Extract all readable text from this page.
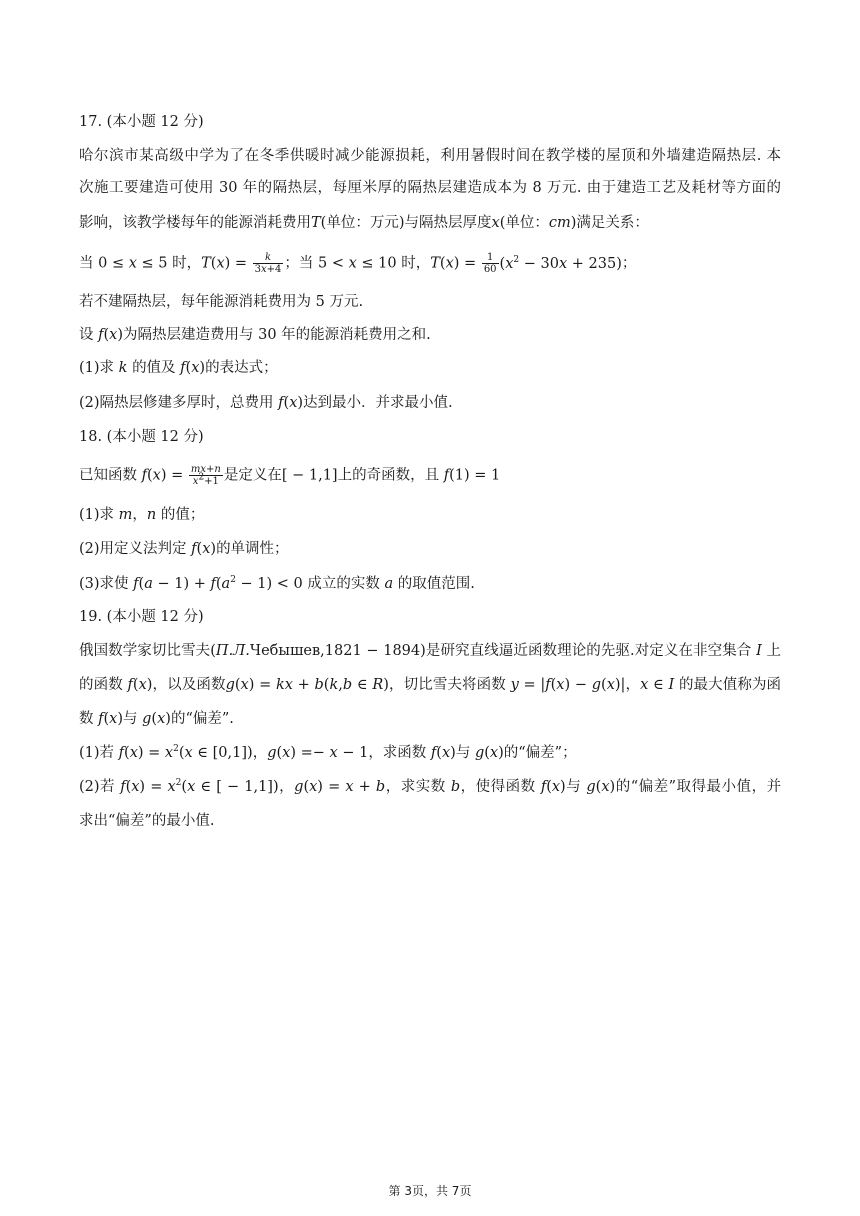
17. (本小题 12 分)
哈尔滨市某高级中学为了在冬季供暖时减少能源损耗，利用暑假时间在教学楼的屋顶和外墙建造隔热层. 本
次施工要建造可使用 30 年的隔热层，每厘米厚的隔热层建造成本为 8 万元. 由于建造工艺及耗材等方面的
影响，该教学楼每年的能源消耗费用T(单位：万元)与隔热层厚度x(单位：cm)满足关系：
当 0 ≤ x ≤ 5 时，$T(x) = \frac{k}{3x+4}$ ；当 5 < x ≤ 10 时，$T(x) = \frac{1}{60} (x^2 - 30x + 235)$；
若不建隔热层，每年能源消耗费用为 5 万元.
设 f(x)为隔热层建造费用与 30 年的能源消耗费用之和.
(1)求 k 的值及 f(x)的表达式；
(2)隔热层修建多厚时，总费用 f(x)达到最小．并求最小值.
18. (本小题 12 分)
已知函数 $f(x) = \frac{mx+n}{x^2+1}$ 是定义在[ − 1,1]上的奇函数，且 f(1) = 1
(1)求 m，n 的值；
(2)用定义法判定 f(x)的单调性；
(3)求使 $f(a - 1) + f(a^2 - 1) < 0$ 成立的实数 a 的取值范围.
19. (本小题 12 分)
俄国数学家切比雪夫(П.Л.Чебышев,1821 − 1894)是研究直线逼近函数理论的先驱.对定义在非空集合 I 上
的函数 f(x)，以及函数g(x) = kx + b(k,b ∈ R)，切比雪夫将函数 y = |f(x) − g(x)|，x ∈ I 的最大值称为函
数 f(x)与 g(x)的“偏差”.
(1)若 $f(x) = x^2(x$ ∈ [0,1])，g(x) =− x − 1，求函数 f(x)与 g(x)的“偏差”；
(2)若 $f(x) = x^2(x$ ∈ [ − 1,1])，g(x) = x + b，求实数 b，使得函数 f(x)与 g(x)的“偏差”取得最小值，并
求出“偏差”的最小值.
第 3页，共 7页
